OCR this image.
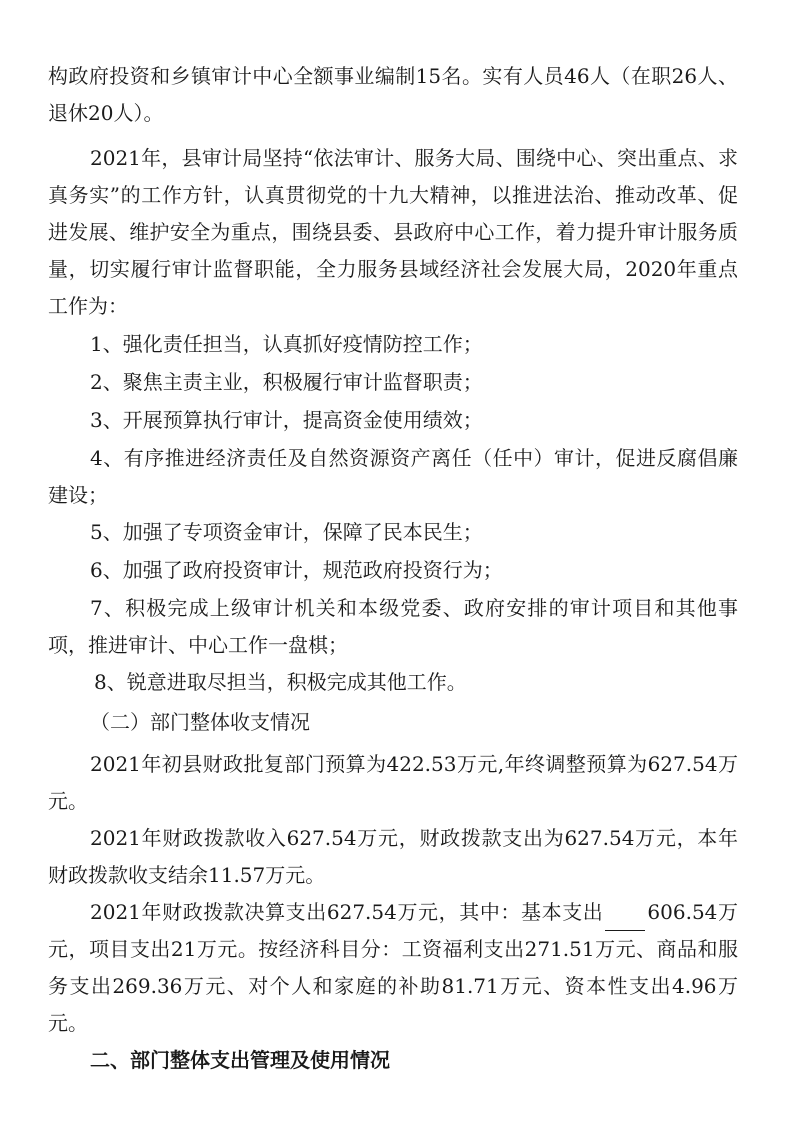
构政府投资和乡镇审计中心全额事业编制15名。实有人员46人（在职26人、退休20人）。

2021年，县审计局坚持“依法审计、服务大局、围绕中心、突出重点、求真务实”的工作方针，认真贯彻党的十九大精神，以推进法治、推动改革、促进发展、维护安全为重点，围绕县委、县政府中心工作，着力提升审计服务质量，切实履行审计监督职能，全力服务县域经济社会发展大局，2020年重点工作为：

1、强化责任担当，认真抓好疫情防控工作；

2、聚焦主责主业，积极履行审计监督职责；

3、开展预算执行审计，提高资金使用绩效；

4、有序推进经济责任及自然资源资产离任（任中）审计，促进反腐倡廉建设；

5、加强了专项资金审计，保障了民本民生；

6、加强了政府投资审计，规范政府投资行为；

7、积极完成上级审计机关和本级党委、政府安排的审计项目和其他事项，推进审计、中心工作一盘棋；

8、锐意进取尽担当，积极完成其他工作。

（二）部门整体收支情况

2021年初县财政批复部门预算为422.53万元,年终调整预算为627.54万元。

2021年财政拨款收入627.54万元，财政拨款支出为627.54万元，本年财政拨款收支结余11.57万元。

2021年财政拨款决算支出627.54万元，其中：基本支出 606.54万元，项目支出21万元。按经济科目分：工资福利支出271.51万元、商品和服务支出269.36万元、对个人和家庭的补助81.71万元、资本性支出4.96万元。

二、部门整体支出管理及使用情况
